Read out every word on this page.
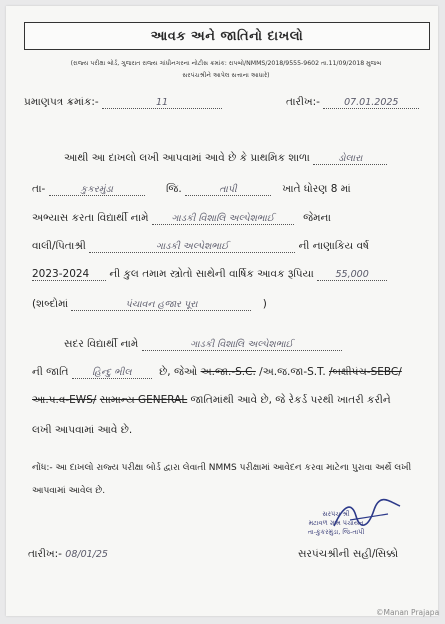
આવક અને જાતિનો દાખલો
(રાજ્ય પરીક્ષા બોર્ડ, ગુજરાત રાજ્ય ગાંધીનગરના નોટીસ ક્રમાંક: રાપબો/NMMS/2018/9555-9602 તા.11/09/2018 મુજબ
સરપંચશ્રીને આપેલ સત્તાના આધારે)
પ્રમાણપત્ર ક્રમાંક:-	11	તારીખ:-	07.01.2025
આથી આ દાખલો લખી આપવામાં આવે છે કે પ્રાથમિક શાળા	ડોલારા
તા-	કુકરમુંડા	જિ.	તાપી	ખાતે ધોરણ 8 માં
અભ્યાસ કરતા વિદ્યાર્થી નામે ગાડકી વિશાલિ અલ્પેશભાઈ	જેમના
વાલી/પિતાશ્રી	ગાડકી અલ્પેશભાઈ	ની નાણાકિય વર્ષ
2023-2024 ની કુલ તમામ સ્ત્રોતો સાથેની વાર્ષિક આવક રૂપિયા 55,000
(શબ્દોમાં	પંચાવન હજાર પૂરા	)
સદર વિદ્યાર્થી નામે	ગાડકી વિશાલિ અલ્પેશભાઈ
ની જાતિ હિન્દુ ભીલ	છે, જેઓ અ.જા.-S.C. /અ.જ.જા-S.T. /બક્ષીપંચ-SEBC/
આ.પ.વ-EWS/ સામાન્ય GENERAL જાતિમાંથી આવે છે, જે રેકર્ડ પરથી ખાતરી કરીને
લખી આપવામાં આવે છે.
નોંધ:- આ દાખલો રાજ્ય પરીક્ષા બોર્ડ દ્વારા લેવાતી NMMS પરીક્ષામાં આવેદન કરવા માટેના પુરાવા અર્થે લખી
આપવામાં આવેલ છે.
સરપંચ શ્રી
મટાવળ ગ્રામ પંચાયત
તા-કુકરમુંડા, જિ-તાપી
તારીખ:- 08/01/25	સરપંચશ્રીની સહી/સિક્કો
©Manan Prajapa
